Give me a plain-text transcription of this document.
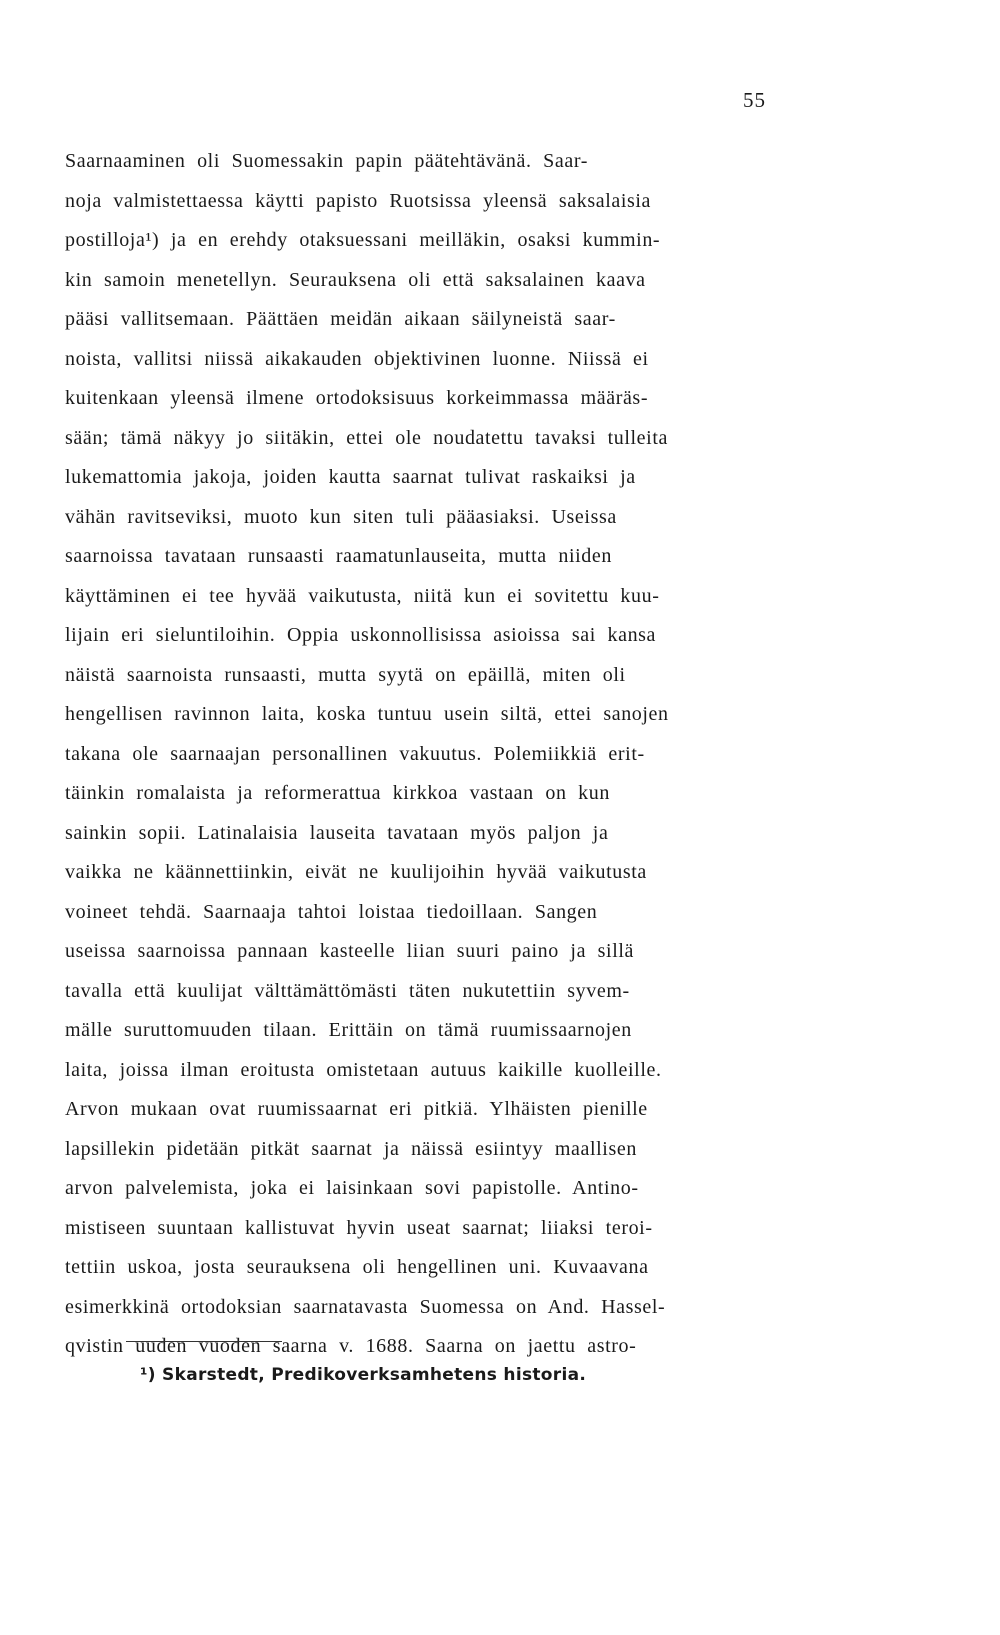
55
Saarnaaminen oli Suomessakin papin päätehtävänä. Saar-
noja valmistettaessa käytti papisto Ruotsissa yleensä saksalaisia
postilloja¹) ja en erehdy otaksuessani meilläkin, osaksi kummin-
kin samoin menetellyn. Seurauksena oli että saksalainen kaava
pääsi vallitsemaan. Päättäen meidän aikaan säilyneistä saar-
noista, vallitsi niissä aikakauden objektivinen luonne. Niissä ei
kuitenkaan yleensä ilmene ortodoksisuus korkeimmassa määräs-
sään; tämä näkyy jo siitäkin, ettei ole noudatettu tavaksi tulleita
lukemattomia jakoja, joiden kautta saarnat tulivat raskaiksi ja
vähän ravitseviksi, muoto kun siten tuli pääasiaksi. Useissa
saarnoissa tavataan runsaasti raamatunlauseita, mutta niiden
käyttäminen ei tee hyvää vaikutusta, niitä kun ei sovitettu kuu-
lijain eri sieluntiloihin. Oppia uskonnollisissa asioissa sai kansa
näistä saarnoista runsaasti, mutta syytä on epäillä, miten oli
hengellisen ravinnon laita, koska tuntuu usein siltä, ettei sanojen
takana ole saarnaajan personallinen vakuutus. Polemiikkiä erit-
täinkin romalaista ja reformerattua kirkkoa vastaan on kun
sainkin sopii. Latinalaisia lauseita tavataan myös paljon ja
vaikka ne käännettiinkin, eivät ne kuulijoihin hyvää vaikutusta
voineet tehdä. Saarnaaja tahtoi loistaa tiedoillaan. Sangen
useissa saarnoissa pannaan kasteelle liian suuri paino ja sillä
tavalla että kuulijat välttämättömästi täten nukutettiin syvem-
mälle suruttomuuden tilaan. Erittäin on tämä ruumissaarnojen
laita, joissa ilman eroitusta omistetaan autuus kaikille kuolleille.
Arvon mukaan ovat ruumissaarnat eri pitkiä. Ylhäisten pienille
lapsillekin pidetään pitkät saarnat ja näissä esiintyy maallisen
arvon palvelemista, joka ei laisinkaan sovi papistolle. Antino-
mistiseen suuntaan kallistuvat hyvin useat saarnat; liiaksi teroi-
tettiin uskoa, josta seurauksena oli hengellinen uni. Kuvaavana
esimerkkinä ortodoksian saarnatavasta Suomessa on And. Hassel-
qvistin uuden vuoden saarna v. 1688. Saarna on jaettu astro-
¹) Skarstedt, Predikoverksamhetens historia.
